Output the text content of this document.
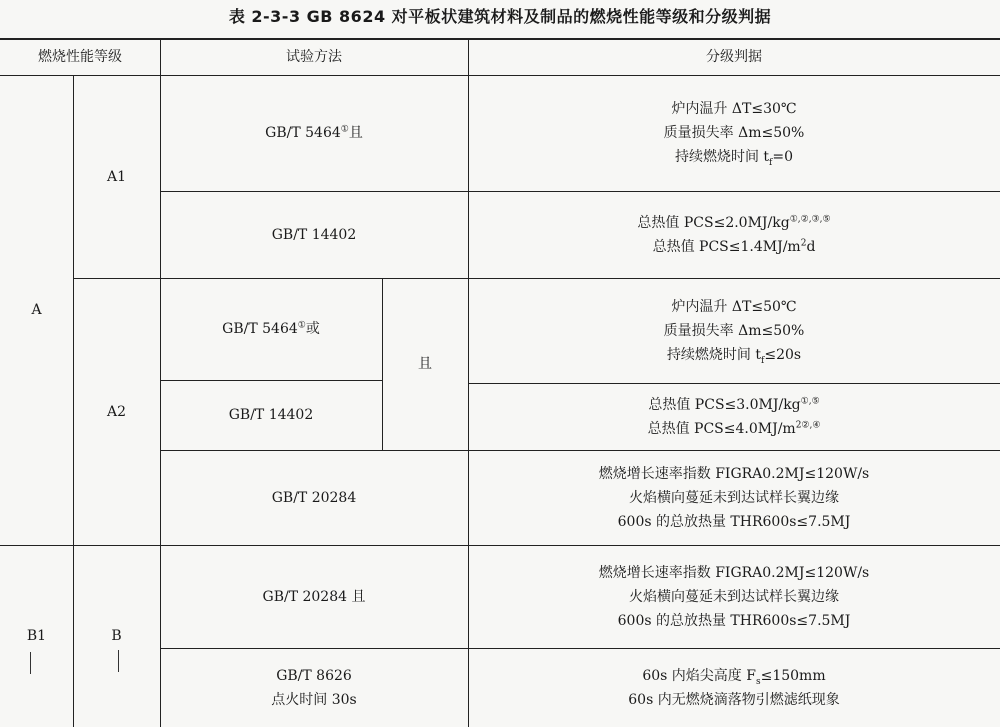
表 2-3-3 GB 8624 对平板状建筑材料及制品的燃烧性能等级和分级判据
燃烧性能等级	试验方法	分级判据
A
B1
A1
A2
B
GB/T 5464①且
GB/T 14402
炉内温升 ΔT≤30℃
质量损失率 Δm≤50%
持续燃烧时间 $t_f=0$
总热值 PCS≤2.0MJ/kg①,②,③,⑤
总热值 $PCS\le 1.4MJ/m^2d$
GB/T 5464①或
GB/T 14402
且
GB/T 20284
炉内温升 ΔT≤50℃
质量损失率 Δm≤50%
持续燃烧时间 $t_f\le 20s$
总热值 PCS≤3.0MJ/kg①,⑤
总热值 $PCS\le 4.0MJ/m^{2②,④}$
燃烧增长速率指数 FIGRA0.2MJ≤120W/s
火焰横向蔓延未到达试样长翼边缘
600s 的总放热量 THR600s≤7.5MJ
GB/T 20284 且
GB/T 8626
点火时间 30s
燃烧增长速率指数 FIGRA0.2MJ≤120W/s
火焰横向蔓延未到达试样长翼边缘
600s 的总放热量 THR600s≤7.5MJ
60s 内焰尖高度 $F_s\le 150mm$
60s 内无燃烧滴落物引燃滤纸现象
